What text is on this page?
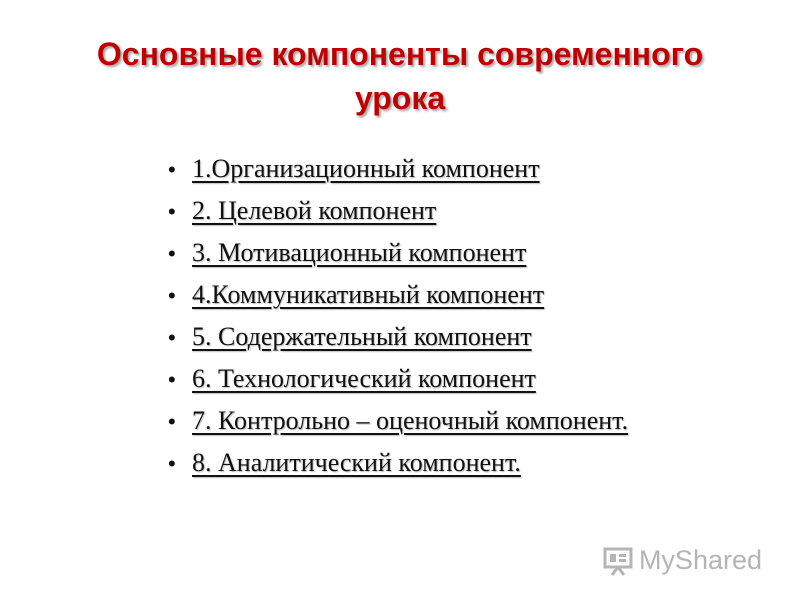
Основные компоненты современного
урока
• 1.Организационный компонент
• 2. Целевой компонент
• 3. Мотивационный компонент
• 4.Коммуникативный компонент
• 5. Содержательный компонент
• 6. Технологический компонент
• 7. Контрольно – оценочный компонент.
• 8. Аналитический компонент.
MyShared
